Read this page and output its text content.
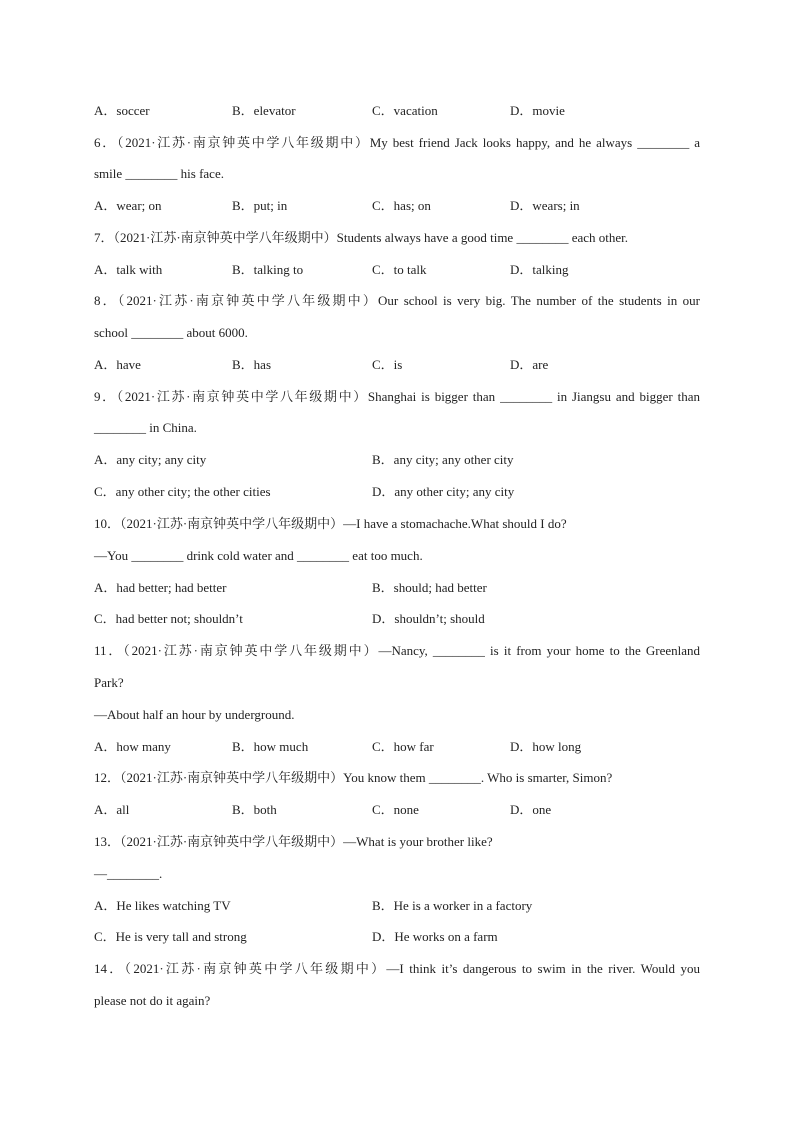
A．soccer	B．elevator	C．vacation	D．movie
6．（2021·江苏·南京钟英中学八年级期中）My best friend Jack looks happy, and he always ________ a
smile ________ his face.
A．wear; on	B．put; in	C．has; on	D．wears; in
7．（2021·江苏·南京钟英中学八年级期中）Students always have a good time ________ each other.
A．talk with	B．talking to	C．to talk	D．talking
8．（2021·江苏·南京钟英中学八年级期中）Our school is very big. The number of the students in our
school ________ about 6000.
A．have	B．has	C．is	D．are
9．（2021·江苏·南京钟英中学八年级期中）Shanghai is bigger than ________ in Jiangsu and bigger than
________ in China.
A．any city; any city	B．any city; any other city
C．any other city; the other cities	D．any other city; any city
10．（2021·江苏·南京钟英中学八年级期中）—I have a stomachache.What should I do?
—You ________ drink cold water and ________ eat too much.
A．had better; had better	B．should; had better
C．had better not; shouldn’t	D．shouldn’t; should
11．（2021·江苏·南京钟英中学八年级期中）—Nancy, ________ is it from your home to the Greenland
Park?
—About half an hour by underground.
A．how many	B．how much	C．how far	D．how long
12．（2021·江苏·南京钟英中学八年级期中）You know them ________. Who is smarter, Simon?
A．all	B．both	C．none	D．one
13．（2021·江苏·南京钟英中学八年级期中）—What is your brother like?
—________.
A．He likes watching TV	B．He is a worker in a factory
C．He is very tall and strong	D．He works on a farm
14．（2021·江苏·南京钟英中学八年级期中）—I think it’s dangerous to swim in the river. Would you
please not do it again?
